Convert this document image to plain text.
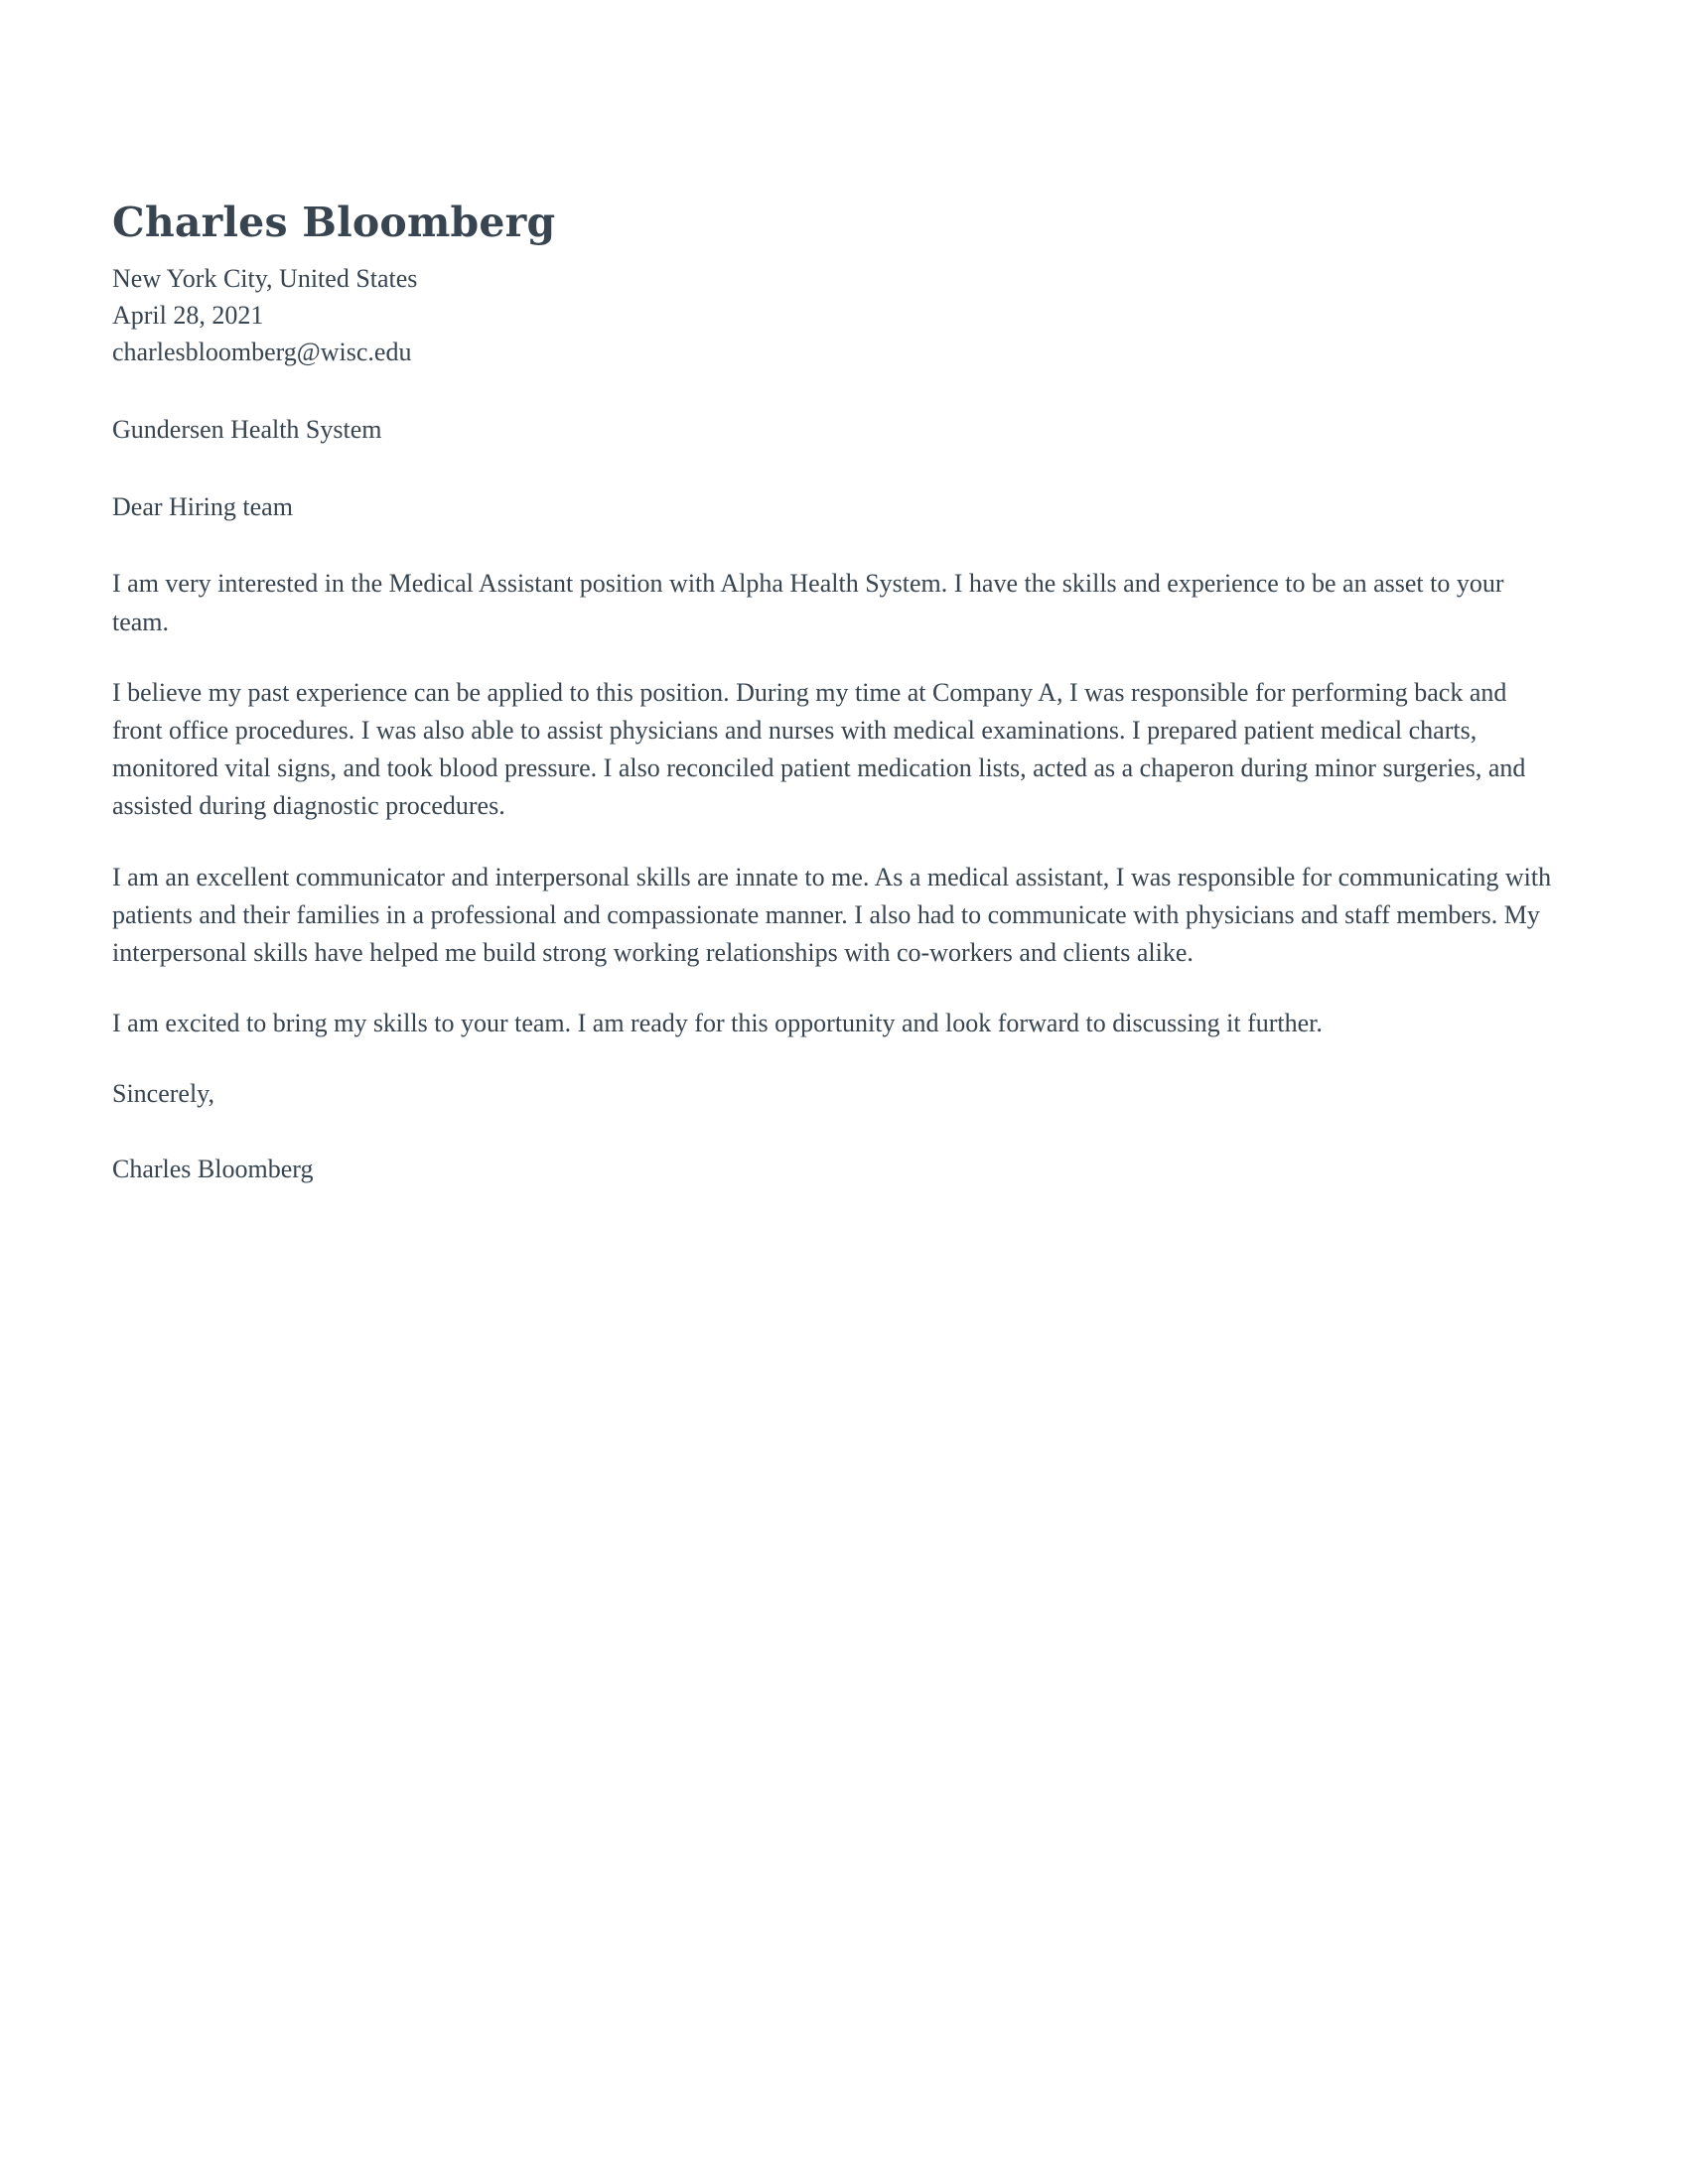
Charles Bloomberg
New York City, United States
April 28, 2021
charlesbloomberg@wisc.edu
Gundersen Health System
Dear Hiring team

I am very interested in the Medical Assistant position with Alpha Health System. I have the skills and experience to be an asset to your team.

I believe my past experience can be applied to this position. During my time at Company A, I was responsible for performing back and front office procedures. I was also able to assist physicians and nurses with medical examinations. I prepared patient medical charts, monitored vital signs, and took blood pressure. I also reconciled patient medication lists, acted as a chaperon during minor surgeries, and assisted during diagnostic procedures.

I am an excellent communicator and interpersonal skills are innate to me. As a medical assistant, I was responsible for communicating with patients and their families in a professional and compassionate manner. I also had to communicate with physicians and staff members. My interpersonal skills have helped me build strong working relationships with co-workers and clients alike.

I am excited to bring my skills to your team. I am ready for this opportunity and look forward to discussing it further.

Sincerely,
Charles Bloomberg
